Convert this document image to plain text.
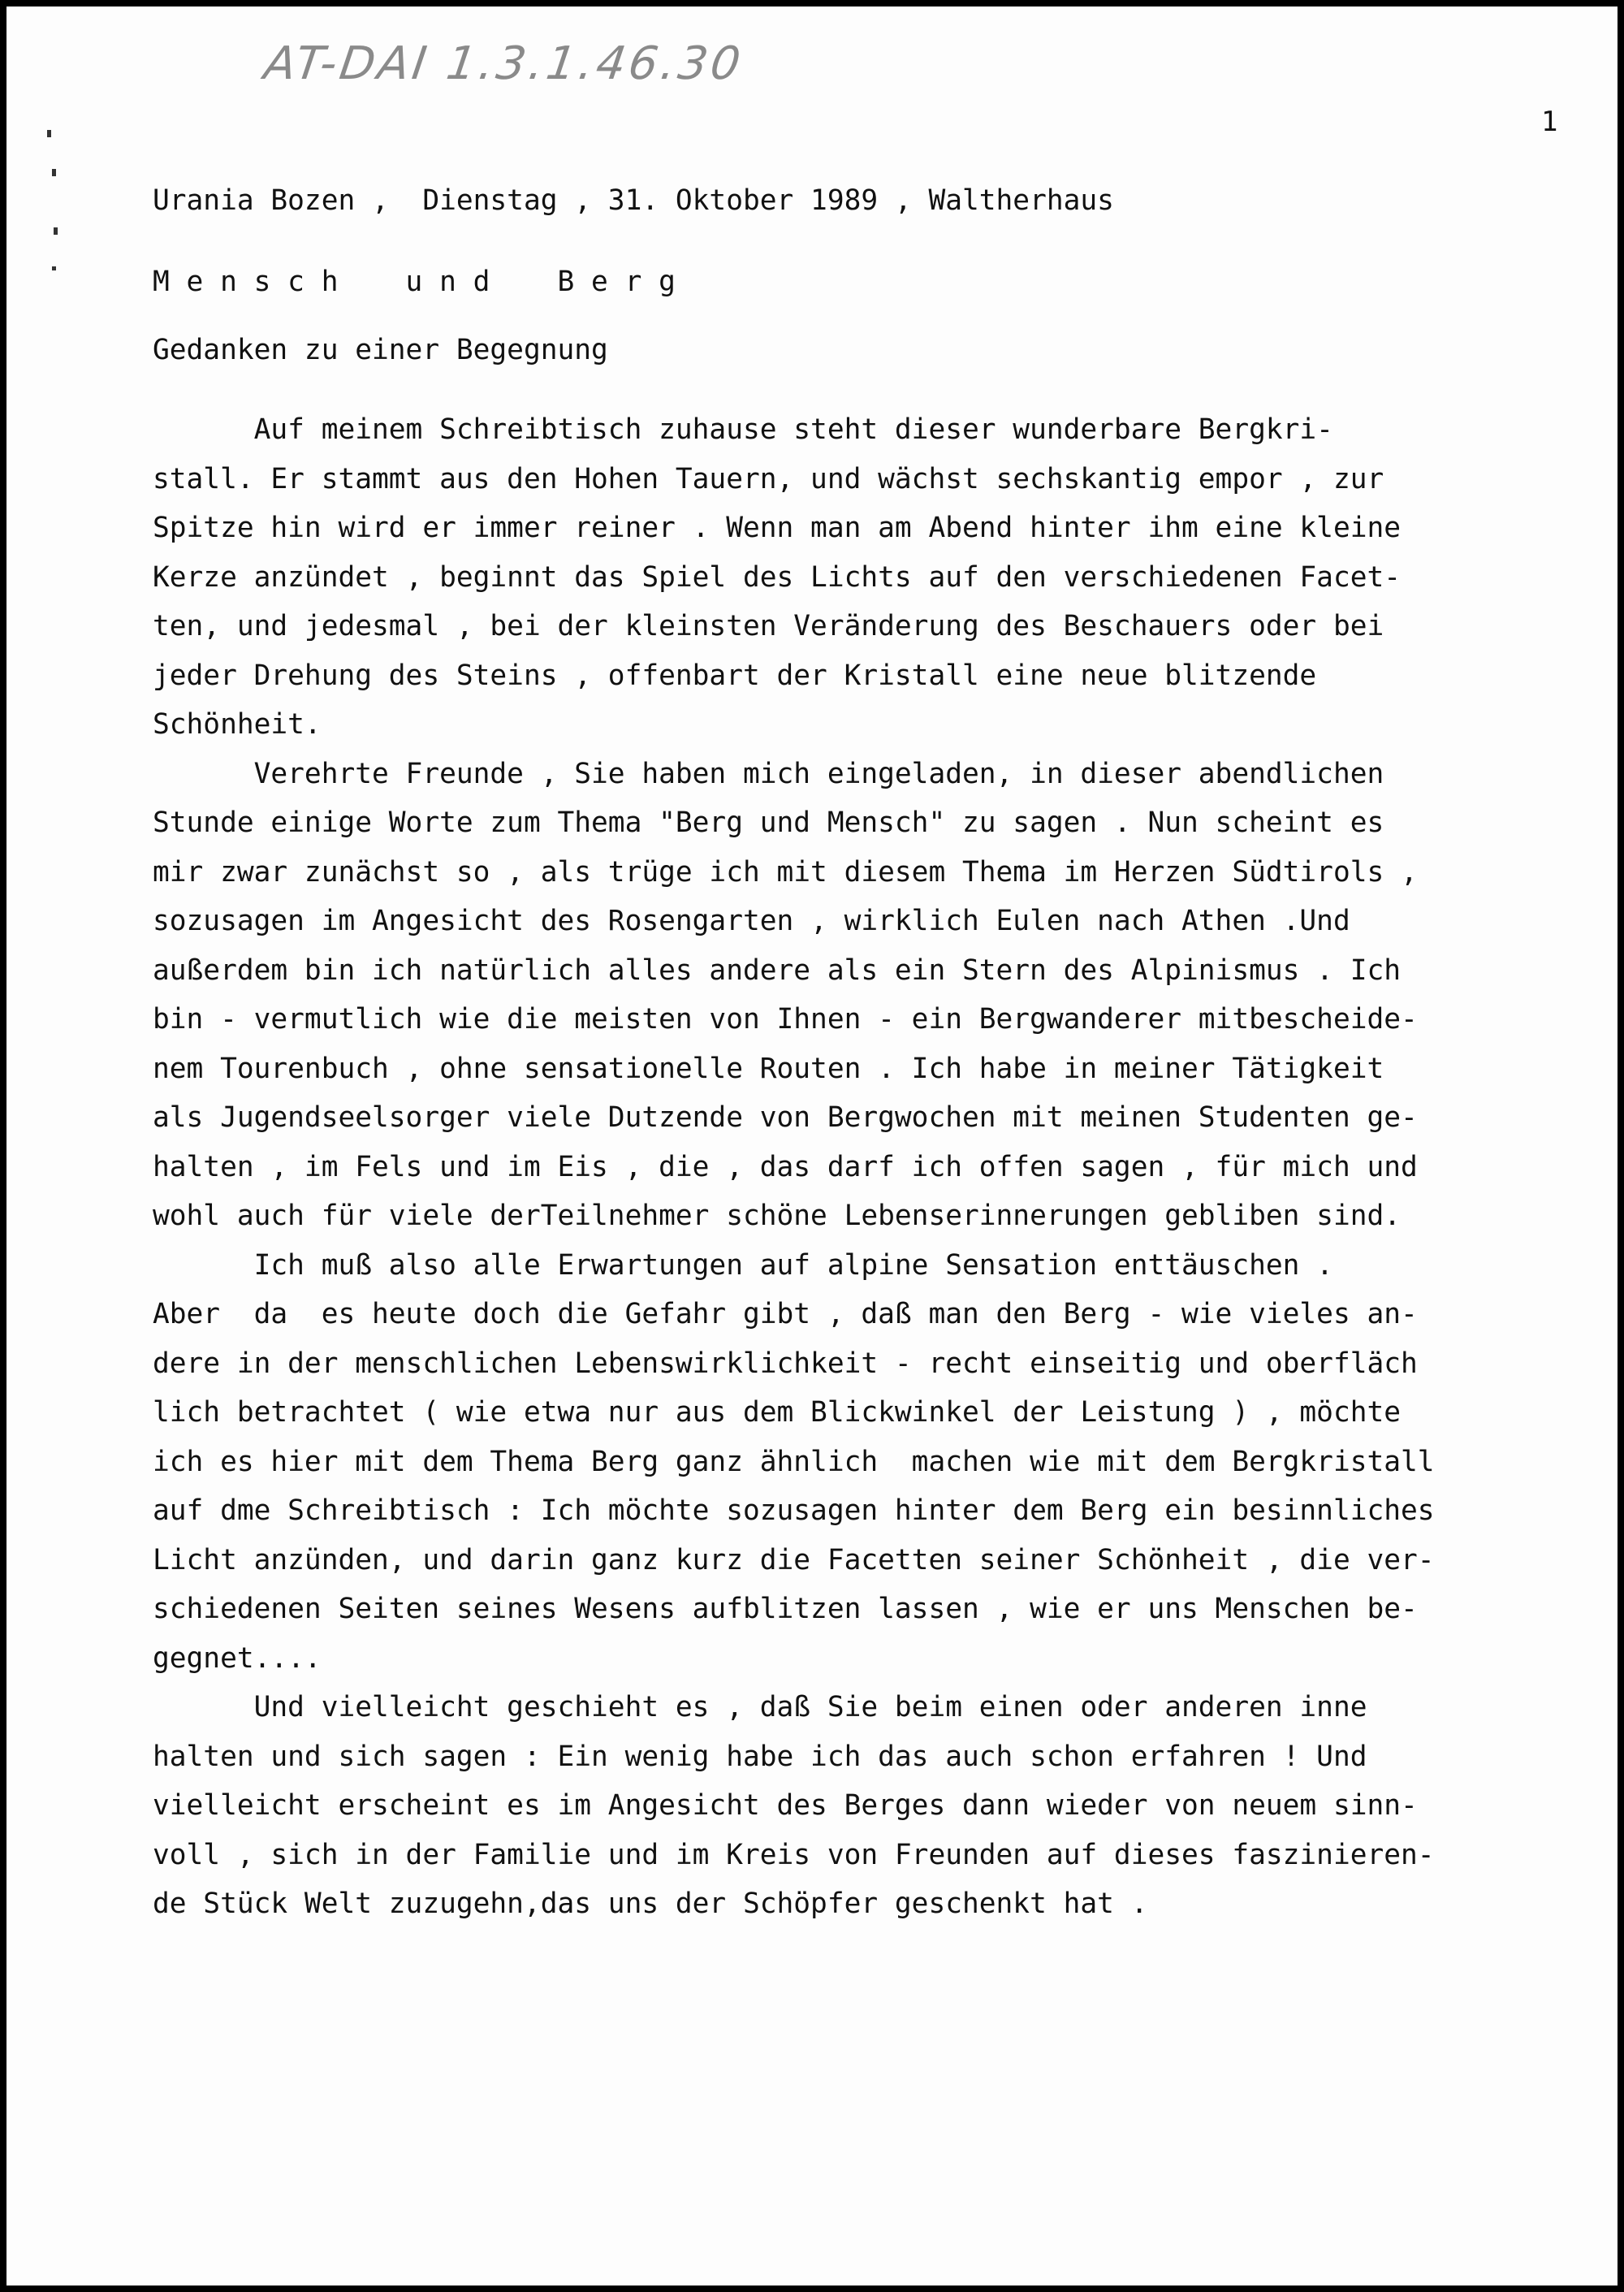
AT-DAI 1.3.1.46.30
1
Urania Bozen ,  Dienstag , 31. Oktober 1989 , Waltherhaus
M e n s c h    u n d    B e r g
Gedanken zu einer Begegnung
Auf meinem Schreibtisch zuhause steht dieser wunderbare Bergkri-
stall. Er stammt aus den Hohen Tauern, und wächst sechskantig empor , zur
Spitze hin wird er immer reiner . Wenn man am Abend hinter ihm eine kleine
Kerze anzündet , beginnt das Spiel des Lichts auf den verschiedenen Facet-
ten, und jedesmal , bei der kleinsten Veränderung des Beschauers oder bei
jeder Drehung des Steins , offenbart der Kristall eine neue blitzende
Schönheit.
Verehrte Freunde , Sie haben mich eingeladen, in dieser abendlichen
Stunde einige Worte zum Thema "Berg und Mensch" zu sagen . Nun scheint es
mir zwar zunächst so , als trüge ich mit diesem Thema im Herzen Südtirols ,
sozusagen im Angesicht des Rosengarten , wirklich Eulen nach Athen .Und
außerdem bin ich natürlich alles andere als ein Stern des Alpinismus . Ich
bin - vermutlich wie die meisten von Ihnen - ein Bergwanderer mitbescheide-
nem Tourenbuch , ohne sensationelle Routen . Ich habe in meiner Tätigkeit
als Jugendseelsorger viele Dutzende von Bergwochen mit meinen Studenten ge-
halten , im Fels und im Eis , die , das darf ich offen sagen , für mich und
wohl auch für viele derTeilnehmer schöne Lebenserinnerungen gebliben sind.
Ich muß also alle Erwartungen auf alpine Sensation enttäuschen .
Aber  da  es heute doch die Gefahr gibt , daß man den Berg - wie vieles an-
dere in der menschlichen Lebenswirklichkeit - recht einseitig und oberfläch
lich betrachtet ( wie etwa nur aus dem Blickwinkel der Leistung ) , möchte
ich es hier mit dem Thema Berg ganz ähnlich  machen wie mit dem Bergkristall
auf dme Schreibtisch : Ich möchte sozusagen hinter dem Berg ein besinnliches
Licht anzünden, und darin ganz kurz die Facetten seiner Schönheit , die ver-
schiedenen Seiten seines Wesens aufblitzen lassen , wie er uns Menschen be-
gegnet....
Und vielleicht geschieht es , daß Sie beim einen oder anderen inne
halten und sich sagen : Ein wenig habe ich das auch schon erfahren ! Und
vielleicht erscheint es im Angesicht des Berges dann wieder von neuem sinn-
voll , sich in der Familie und im Kreis von Freunden auf dieses faszinieren-
de Stück Welt zuzugehn,das uns der Schöpfer geschenkt hat .
